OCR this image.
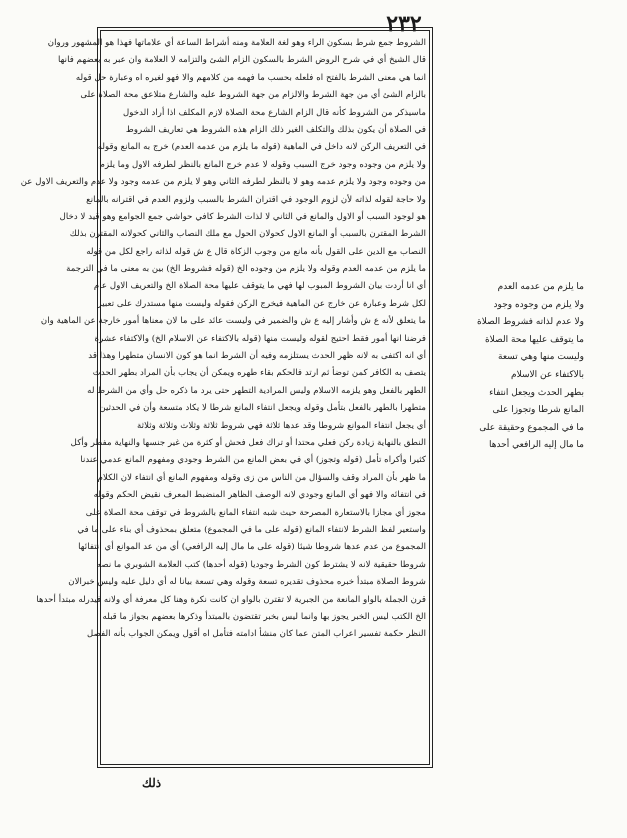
٢٣٢
الشروط جمع شرط بسكون الراء وهو لغة العلامة ومنه أشراط الساعة أي علاماتها فهذا هو المشهور وروان
قال الشيخ أي في شرح الروض الشرط بالسكون الزام الشئ والتزامه لا العلامة وان عبر به بعضهم فانها
انما هي معنى الشرط بالفتح اه فلعله بحسب ما فهمه من كلامهم والا فهو لغيره اه وعبارة حل قوله
بالزام الشئ أي من جهة الشرط والالزام من جهة الشروط عليه والشارع متلاعق محة الصلاة على
ماسيذكر من الشروط كأنه قال الزام الشارع محة الصلاة لازم المكلف اذا أراد الدخول
في الصلاة أن يكون بذلك والتكلف الغير ذلك الزام هذه الشروط هي تعاريف الشروط
في التعريف الركن لانه داخل في الماهية (قوله ما يلزم من عدمه العدم) خرج به المانع وقوله
ولا يلزم من وجوده وجود خرج السبب وقوله لا عدم خرج المانع بالنظر لطرفه الاول وما يلزم
من وجوده وجود ولا يلزم عدمه وهو لا بالنظر لطرفه الثاني وهو لا يلزم من عدمه وجود ولا عدم والتعريف الاول عن
ولا حاجة لقوله لذاته لأن لزوم الوجود في اقتران الشرط بالسبب ولزوم العدم في اقترانه بالمانع
هو لوجود السبب أو الاول والمانع في الثاني لا لذات الشرط كافي حواشي جمع الجوامع وهو قيد لا دخال
الشرط المقترن بالسبب أو المانع الاول كحولان الحول مع ملك النصاب والثاني كحولانه المقترن بذلك
النصاب مع الدين على القول بأنه مانع من وجوب الزكاة قال ع ش قوله لذاته راجع لكل من قوله
ما يلزم من عدمه العدم وقوله ولا يلزم من وجوده الخ (قوله فشروط الخ) بين به معنى ما في الترجمة
أي انا أردت بيان الشروط المبوب لها فهي ما يتوقف عليها محة الصلاة الخ والتعريف الاول عام
لكل شرط وعبارة عن خارج عن الماهية فيخرج الركن فقوله وليست منها مستدرك على تعبير
ما يتعلق لأنه ع ش وأشار إليه ع ش والضمير في وليست عائد على ما لان معناها أمور خارجة عن الماهية وان
فرضنا انها أمور فقط احتيج لقوله وليست منها (قوله بالاكتفاء عن الاسلام الخ) والاكتفاء عشرة
أي انه اكتفى به لانه ظهر الحدث يستلزمه وفيه أن الشرط انما هو كون الانسان متطهرا وهذا قد
يتصف به الكافر كمن توضأ ثم ارتد فالحكم بقاء طهره ويمكن أن يجاب بأن المراد بطهر الحدث
الطهر بالفعل وهو يلزمه الاسلام وليس المرادية التطهر حتى يرد ما ذكره حل وأي من الشرط له
متطهرا بالطهر بالفعل بتأمل وقوله ويجعل انتفاء المانع شرطا لا يكاد متسعة وأن في الحدثين
أي يجعل انتفاء الموانع شروطا وقد عدها ثلاثة فهي شروط ثلاثة وثلاث وثلاثة وثلاثة
النطق بالنهاية زيادة ركن فعلي محتدا أو تراك فعل فحش أو كثرة من غير جنسها والنهاية مفطر وأكل
كثيرا وأكراه تأمل (قوله وتجوز) أي في بعض المانع من الشرط وجودي ومفهوم المانع عدمي عندنا
ما ظهر بأن المراد وقف والسؤال من الناس من زى وقوله ومفهوم المانع أي انتفاء لان الكلام
في انتفائه والا فهو أي المانع وجودي لانه الوصف الظاهر المنضبط المعرف نقيض الحكم وقوله
مجوز أي مجازا بالاستعارة المصرحة حيث شبه انتفاء المانع بالشروط في توقف محة الصلاة على
واستعير لفظ الشرط لانتفاء المانع (قوله على ما في المجموع) متعلق بمحذوف أي بناء على ما في
المجموع من عدم عدها شروطا شيئا (قوله على ما مال إليه الرافعي) أي من عد الموانع أي انتفائها
شروطا حقيقية لانه لا يشترط كون الشرط وجوديا (قوله أحدها) كتب العلامة الشوبري ما نصه
شروط الصلاة مبتدأ خبره محذوف تقديره تسعة وقوله وهي تسعة بيانا له أي دليل عليه وليس خبرالان
قرن الجملة بالواو المانعة من الجبرية لا تقترن بالواو ان كانت نكرة وهنا كل معرفة أي ولانه فيدرله مبتدأ أحدها
الخ الكتب ليس الخبر يجوز بها وانما ليس بخبر تقتضون بالمبتدأ وذكرها بعضهم بجواز ما قبله
النظر حكمة تفسير اعراب المتن عما كان منشأ ادامته فتأمل اه أقول ويمكن الجواب بأنه الفصل
ما يلزم من عدمه العدم
ولا يلزم من وجوده وجود
ولا عدم لذاته فشروط الصلاة
ما يتوقف عليها محة الصلاة
وليست منها وهي تسعة
بالاكتفاء عن الاسلام
بطهر الحدث ويجعل انتفاء
المانع شرطا وتجوزا على
ما في المجموع وحقيقة على
ما مال إليه الرافعي أحدها
ذلك
